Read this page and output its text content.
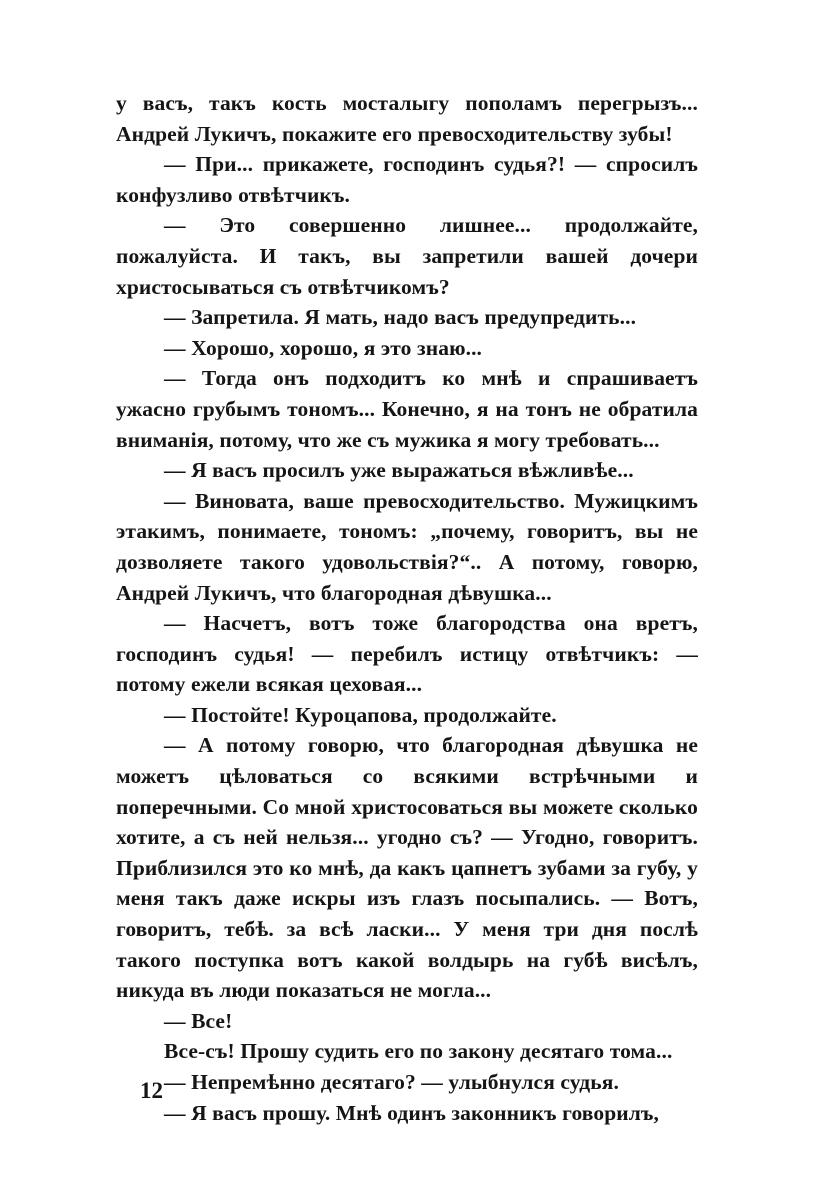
у васъ, такъ кость мосталыгу пополамъ перегрызъ... Андрей Лукичъ, покажите его превосходительству зубы!

— При... прикажете, господинъ судья?! — спросилъ конфузливо отвѣтчикъ.

— Это совершенно лишнее... продолжайте, пожалуйста. И такъ, вы запретили вашей дочери христосываться съ отвѣтчикомъ?

— Запретила. Я мать, надо васъ предупредить...

— Хорошо, хорошо, я это знаю...

— Тогда онъ подходитъ ко мнѣ и спрашиваетъ ужасно грубымъ тономъ... Конечно, я на тонъ не обратила вниманія, потому, что же съ мужика я могу требовать...

— Я васъ просилъ уже выражаться вѣжливѣе...

— Виновата, ваше превосходительство. Мужицкимъ этакимъ, понимаете, тономъ: „почему, говоритъ, вы не дозволяете такого удовольствія?“.. А потому, говорю, Андрей Лукичъ, что благородная дѣвушка...

— Насчетъ, вотъ тоже благородства она вретъ, господинъ судья! — перебилъ истицу отвѣтчикъ: — потому ежели всякая цеховая...

— Постойте! Куроцапова, продолжайте.

— А потому говорю, что благородная дѣвушка не можетъ цѣловаться со всякими встрѣчными и поперечными. Со мной христосоваться вы можете сколько хотите, а съ ней нельзя... угодно съ? — Угодно, говоритъ. Приблизился это ко мнѣ, да какъ цапнетъ зубами за губу, у меня такъ даже искры изъ глазъ посыпались. — Вотъ, говоритъ, тебѣ. за всѣ ласки... У меня три дня послѣ такого поступка вотъ какой волдырь на губѣ висѣлъ, никуда въ люди показаться не могла...

— Все!

Все-съ! Прошу судить его по закону десятаго тома...

— Непремѣнно десятаго? — улыбнулся судья.

— Я васъ прошу. Мнѣ одинъ законникъ говорилъ,

12
